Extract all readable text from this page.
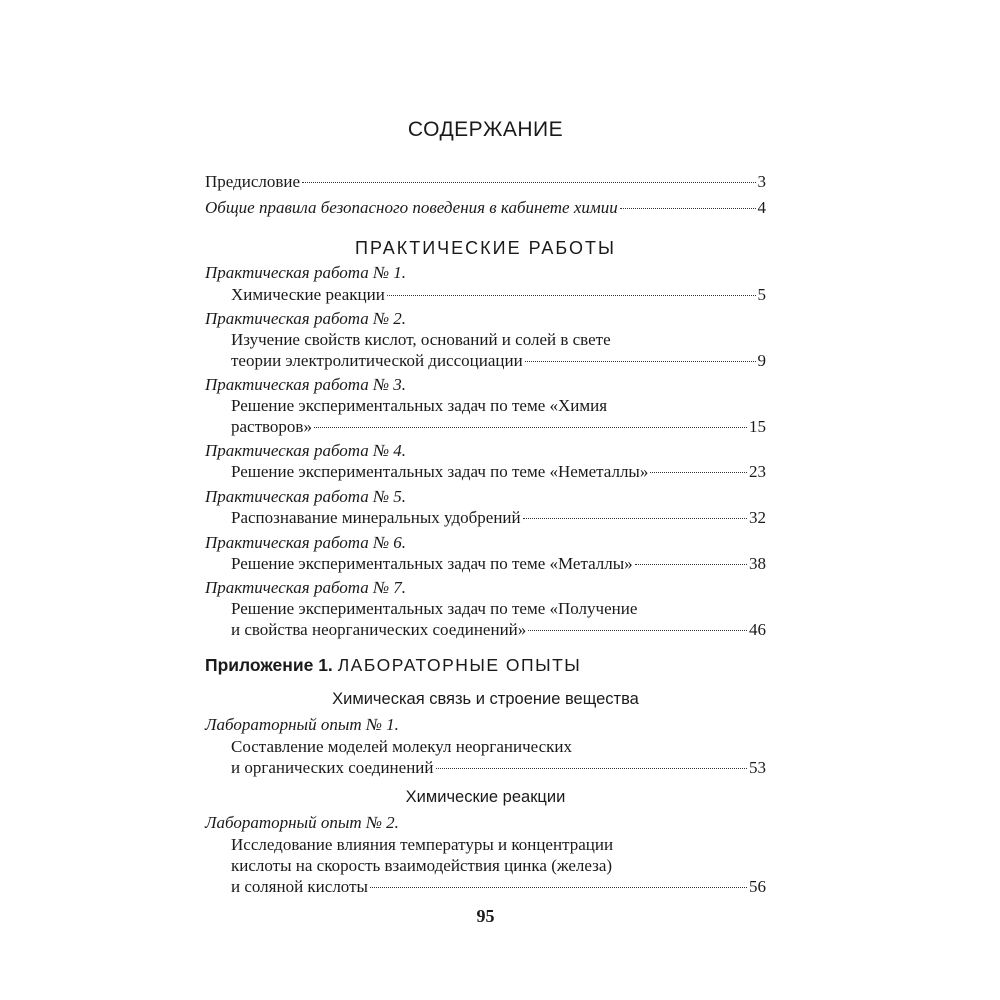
СОДЕРЖАНИЕ
Предисловие	3
Общие правила безопасного поведения в кабинете химии	4
ПРАКТИЧЕСКИЕ РАБОТЫ
Практическая работа № 1.
Химические реакции	5
Практическая работа № 2.
Изучение свойств кислот, оснований и солей в свете
теории электролитической диссоциации	9
Практическая работа № 3.
Решение экспериментальных задач по теме «Химия
растворов»	15
Практическая работа № 4.
Решение экспериментальных задач по теме «Неметаллы»	23
Практическая работа № 5.
Распознавание минеральных удобрений	32
Практическая работа № 6.
Решение экспериментальных задач по теме «Металлы»	38
Практическая работа № 7.
Решение экспериментальных задач по теме «Получение
и свойства неорганических соединений»	46
Приложение 1. ЛАБОРАТОРНЫЕ ОПЫТЫ
Химическая связь и строение вещества
Лабораторный опыт № 1.
Составление моделей молекул неорганических
и органических соединений	53
Химические реакции
Лабораторный опыт № 2.
Исследование влияния температуры и концентрации
кислоты на скорость взаимодействия цинка (железа)
и соляной кислоты	56
95
